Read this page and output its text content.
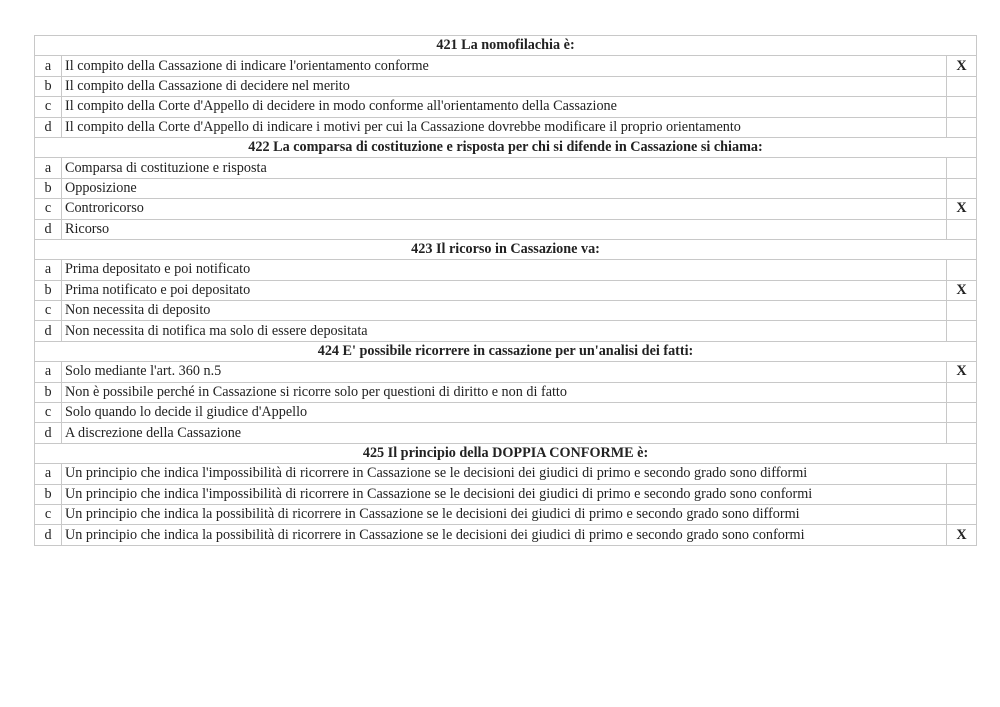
421 La nomofilachia è:		
a	Il compito della Cassazione di indicare l'orientamento conforme	X
b	Il compito della Cassazione di decidere nel merito	
c	Il compito della Corte d'Appello di decidere in modo conforme all'orientamento della Cassazione	
d	Il compito della Corte d'Appello di indicare i motivi per cui la Cassazione dovrebbe modificare il proprio orientamento	
422 La comparsa di costituzione e risposta per chi si difende in Cassazione si chiama:		
a	Comparsa di costituzione e risposta	
b	Opposizione	
c	Controricorso	X
d	Ricorso	
423 Il ricorso in Cassazione va:		
a	Prima depositato e poi notificato	
b	Prima notificato e poi depositato	X
c	Non necessita di deposito	
d	Non necessita di notifica ma solo di essere depositata	
424 E' possibile ricorrere in cassazione per un'analisi dei fatti:		
a	Solo mediante l'art. 360 n.5	X
b	Non è possibile perché in Cassazione si ricorre solo per questioni di diritto e non di fatto	
c	Solo quando lo decide il giudice d'Appello	
d	A discrezione della Cassazione	
425 Il principio della DOPPIA CONFORME è:		
a	Un principio che indica l'impossibilità di ricorrere in Cassazione se le decisioni dei giudici di primo e secondo grado sono difformi	
b	Un principio che indica l'impossibilità di ricorrere in Cassazione se le decisioni dei giudici di primo e secondo grado sono conformi	
c	Un principio che indica la possibilità di ricorrere in Cassazione se le decisioni dei giudici di primo e secondo grado sono difformi	
d	Un principio che indica la possibilità di ricorrere in Cassazione se le decisioni dei giudici di primo e secondo grado sono conformi	X
